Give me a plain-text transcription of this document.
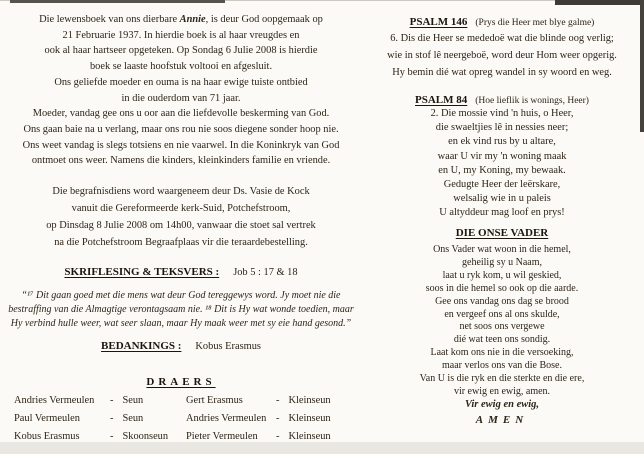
Die lewensboek van ons dierbare Annie, is deur God oopgemaak op
21 Februarie 1937. In hierdie boek is al haar vreugdes en
ook al haar hartseer opgeteken. Op Sondag 6 Julie 2008 is hierdie
boek se laaste hoofstuk voltooi en afgesluit.
Ons geliefde moeder en ouma is na haar ewige tuiste ontbied
in die ouderdom van 71 jaar.
Moeder, vandag gee ons u oor aan die liefdevolle beskerming van God.
Ons gaan baie na u verlang, maar ons rou nie soos diegene sonder hoop nie.
Ons weet vandag is slegs totsiens en nie vaarwel. In die Koninkryk van God
ontmoet ons weer. Namens die kinders, kleinkinders familie en vriende.
Die begrafnisdiens word waargeneem deur Ds. Vasie de Kock
vanuit die Gereformeerde kerk-Suid, Potchefstroom,
op Dinsdag 8 Julie 2008 om 14h00, vanwaar die stoet sal vertrek
na die Potchefstroom Begraafplaas vir die teraardebestelling.
SKRIFLESING & TEKSVERS : Job 5 : 17 & 18
“¹⁷ Dit gaan goed met die mens wat deur God tereggewys word. Jy moet nie die
bestraffing van die Almagtige verontagsaam nie. ¹⁸ Dit is Hy wat wonde toedien, maar
Hy verbind hulle weer, wat seer slaan, maar Hy maak weer met sy eie hand gesond.”
BEDANKINGS : Kobus Erasmus
DRAERS
Andries Vermeulen	- Seun	Gert Erasmus	- Kleinseun
Paul Vermeulen	- Seun	Andries Vermeulen - Kleinseun
Kobus Erasmus	- Skoonseun	Pieter Vermeulen	- Kleinseun
PSALM 146 (Prys die Heer met blye galme)
6. Dis die Heer se mededoë wat die blinde oog verlig;
wie in stof lê neergeboë, word deur Hom weer opgerig.
Hy bemin dié wat opreg wandel in sy woord en weg.
PSALM 84 (Hoe lieflik is wonings, Heer)
2. Die mossie vind 'n huis, o Heer,
die swaeltjies lê in nessies neer;
en ek vind rus by u altare,
waar U vir my 'n woning maak
en U, my Koning, my bewaak.
Gedugte Heer der leërskare,
welsalig wie in u paleis
U altyddeur mag loof en prys!
DIE ONSE VADER
Ons Vader wat woon in die hemel,
geheilig sy u Naam,
laat u ryk kom, u wil geskied,
soos in die hemel so ook op die aarde.
Gee ons vandag ons dag se brood
en vergeef ons al ons skulde,
net soos ons vergewe
dié wat teen ons sondig.
Laat kom ons nie in die versoeking,
maar verlos ons van die Bose.
Van U is die ryk en die sterkte en die ere,
vir ewig en ewig, amen.
Vir ewig en ewig,
AMEN
